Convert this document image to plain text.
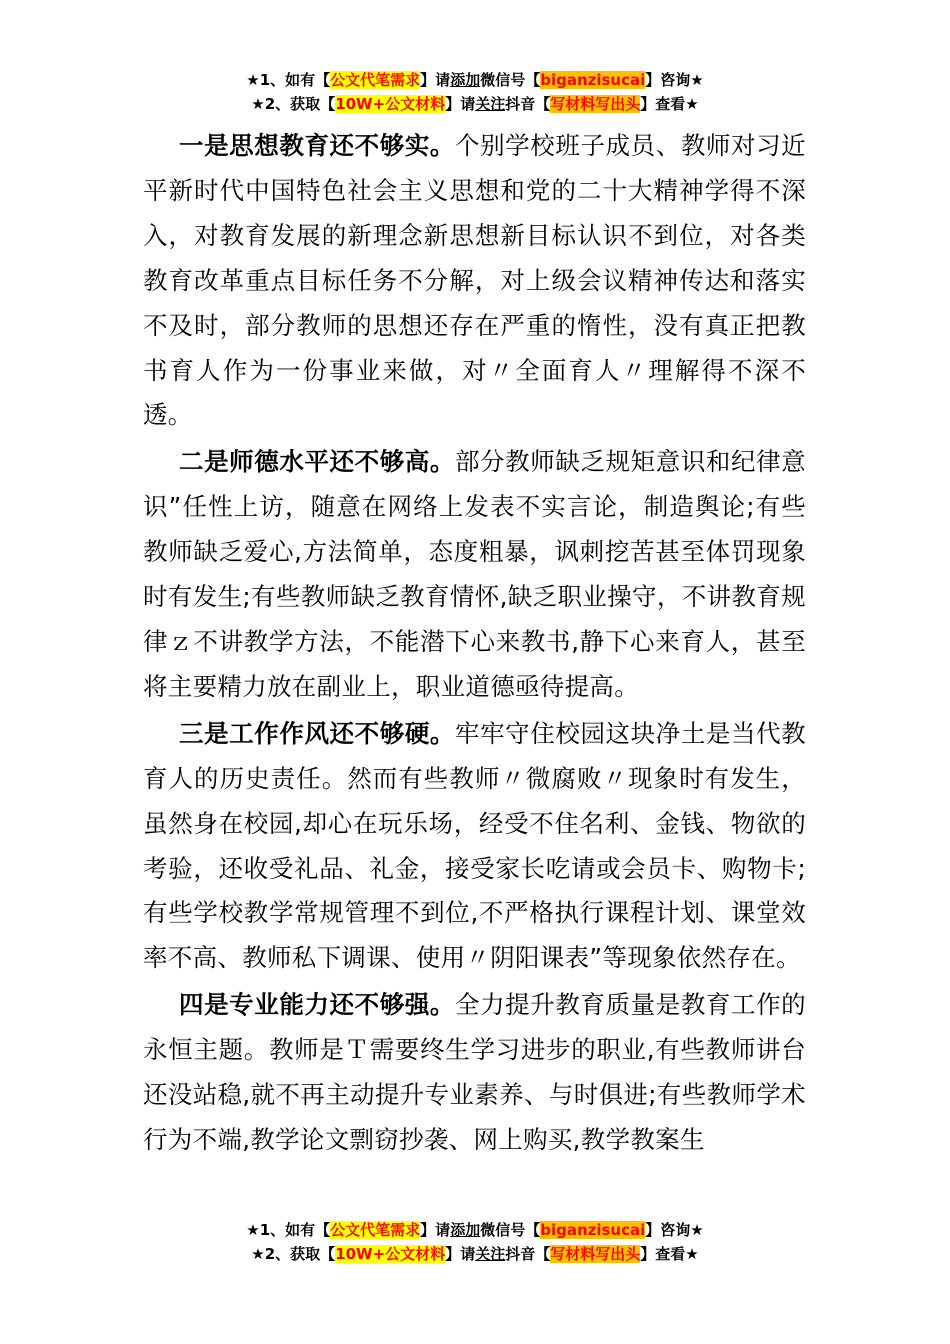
★1、如有【公文代笔需求】请添加微信号【biganzisucai】咨询★
★2、获取【10W+公文材料】请关注抖音【写材料写出头】查看★

一是思想教育还不够实。个别学校班子成员、教师对习近平新时代中国特色社会主义思想和党的二十大精神学得不深入，对教育发展的新理念新思想新目标认识不到位，对各类教育改革重点目标任务不分解，对上级会议精神传达和落实不及时，部分教师的思想还存在严重的惰性，没有真正把教书育人作为一份事业来做，对〃全面育人〃理解得不深不透。

二是师德水平还不够高。部分教师缺乏规矩意识和纪律意识”任性上访，随意在网络上发表不实言论，制造舆论;有些教师缺乏爱心,方法简单，态度粗暴，讽刺挖苦甚至体罚现象时有发生;有些教师缺乏教育情怀,缺乏职业操守，不讲教育规律ｚ不讲教学方法，不能潜下心来教书,静下心来育人，甚至将主要精力放在副业上，职业道德亟待提高。

三是工作作风还不够硬。牢牢守住校园这块净土是当代教育人的历史责任。然而有些教师〃微腐败〃现象时有发生，虽然身在校园,却心在玩乐场，经受不住名利、金钱、物欲的考验，还收受礼品、礼金，接受家长吃请或会员卡、购物卡;有些学校教学常规管理不到位,不严格执行课程计划、课堂效率不高、教师私下调课、使用〃阴阳课表”等现象依然存在。

四是专业能力还不够强。全力提升教育质量是教育工作的永恒主题。教师是Ｔ需要终生学习进步的职业,有些教师讲台还没站稳,就不再主动提升专业素养、与时俱进;有些教师学术行为不端,教学论文剽窃抄袭、网上购买,教学教案生

★1、如有【公文代笔需求】请添加微信号【biganzisucai】咨询★
★2、获取【10W+公文材料】请关注抖音【写材料写出头】查看★
